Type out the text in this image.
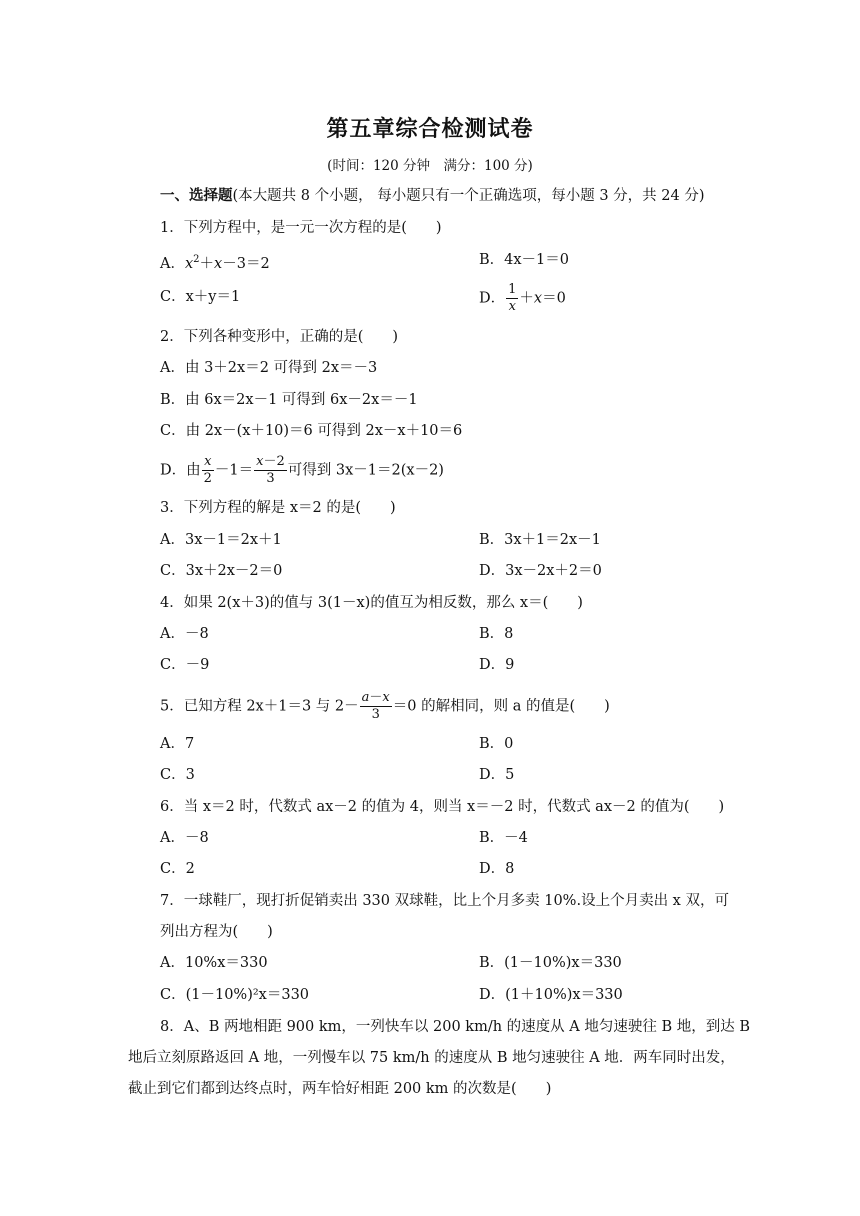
第五章综合检测试卷
(时间：120 分钟　满分：100 分)
一、选择题(本大题共 8 个小题， 每小题只有一个正确选项，每小题 3 分，共 24 分)
1．下列方程中，是一元一次方程的是(　　)
A．$x^2+x-3=2$	B．4x－1＝0
C．x＋y＝1	D． $\frac{1}{x} +x=0$
2．下列各种变形中，正确的是(　　)
A．由 3＋2x＝2 可得到 2x＝－3
B．由 6x＝2x－1 可得到 6x－2x＝－1
C．由 2x－(x＋10)＝6 可得到 2x－x＋10＝6
D．由 $\frac{x}{2} -1= \frac{x-2}{3}$ 可得到 3x－1＝2(x－2)
3．下列方程的解是 x＝2 的是(　　)
A．3x－1＝2x＋1	B．3x＋1＝2x－1
C．3x＋2x－2＝0	D．3x－2x＋2＝0
4．如果 2(x＋3)的值与 3(1－x)的值互为相反数，那么 x＝(　　)
A．－8	B．8
C．－9	D．9
5．已知方程 2x＋1＝3 与 $2- \frac{a-x}{3} =0$ 的解相同，则 a 的值是(　　)
A．7	B．0
C．3	D．5
6．当 x＝2 时，代数式 ax－2 的值为 4，则当 x＝－2 时，代数式 ax－2 的值为(　　)
A．－8	B．－4
C．2	D．8
7．一球鞋厂，现打折促销卖出 330 双球鞋，比上个月多卖 10%.设上个月卖出 x 双，可
列出方程为(　　)
A．10%x＝330	B．(1－10%)x＝330
C．(1－10%)²x＝330	D．(1＋10%)x＝330
8．A、B 两地相距 900 km，一列快车以 200 km/h 的速度从 A 地匀速驶往 B 地，到达 B
地后立刻原路返回 A 地，一列慢车以 75 km/h 的速度从 B 地匀速驶往 A 地．两车同时出发，
截止到它们都到达终点时，两车恰好相距 200 km 的次数是(　　)
